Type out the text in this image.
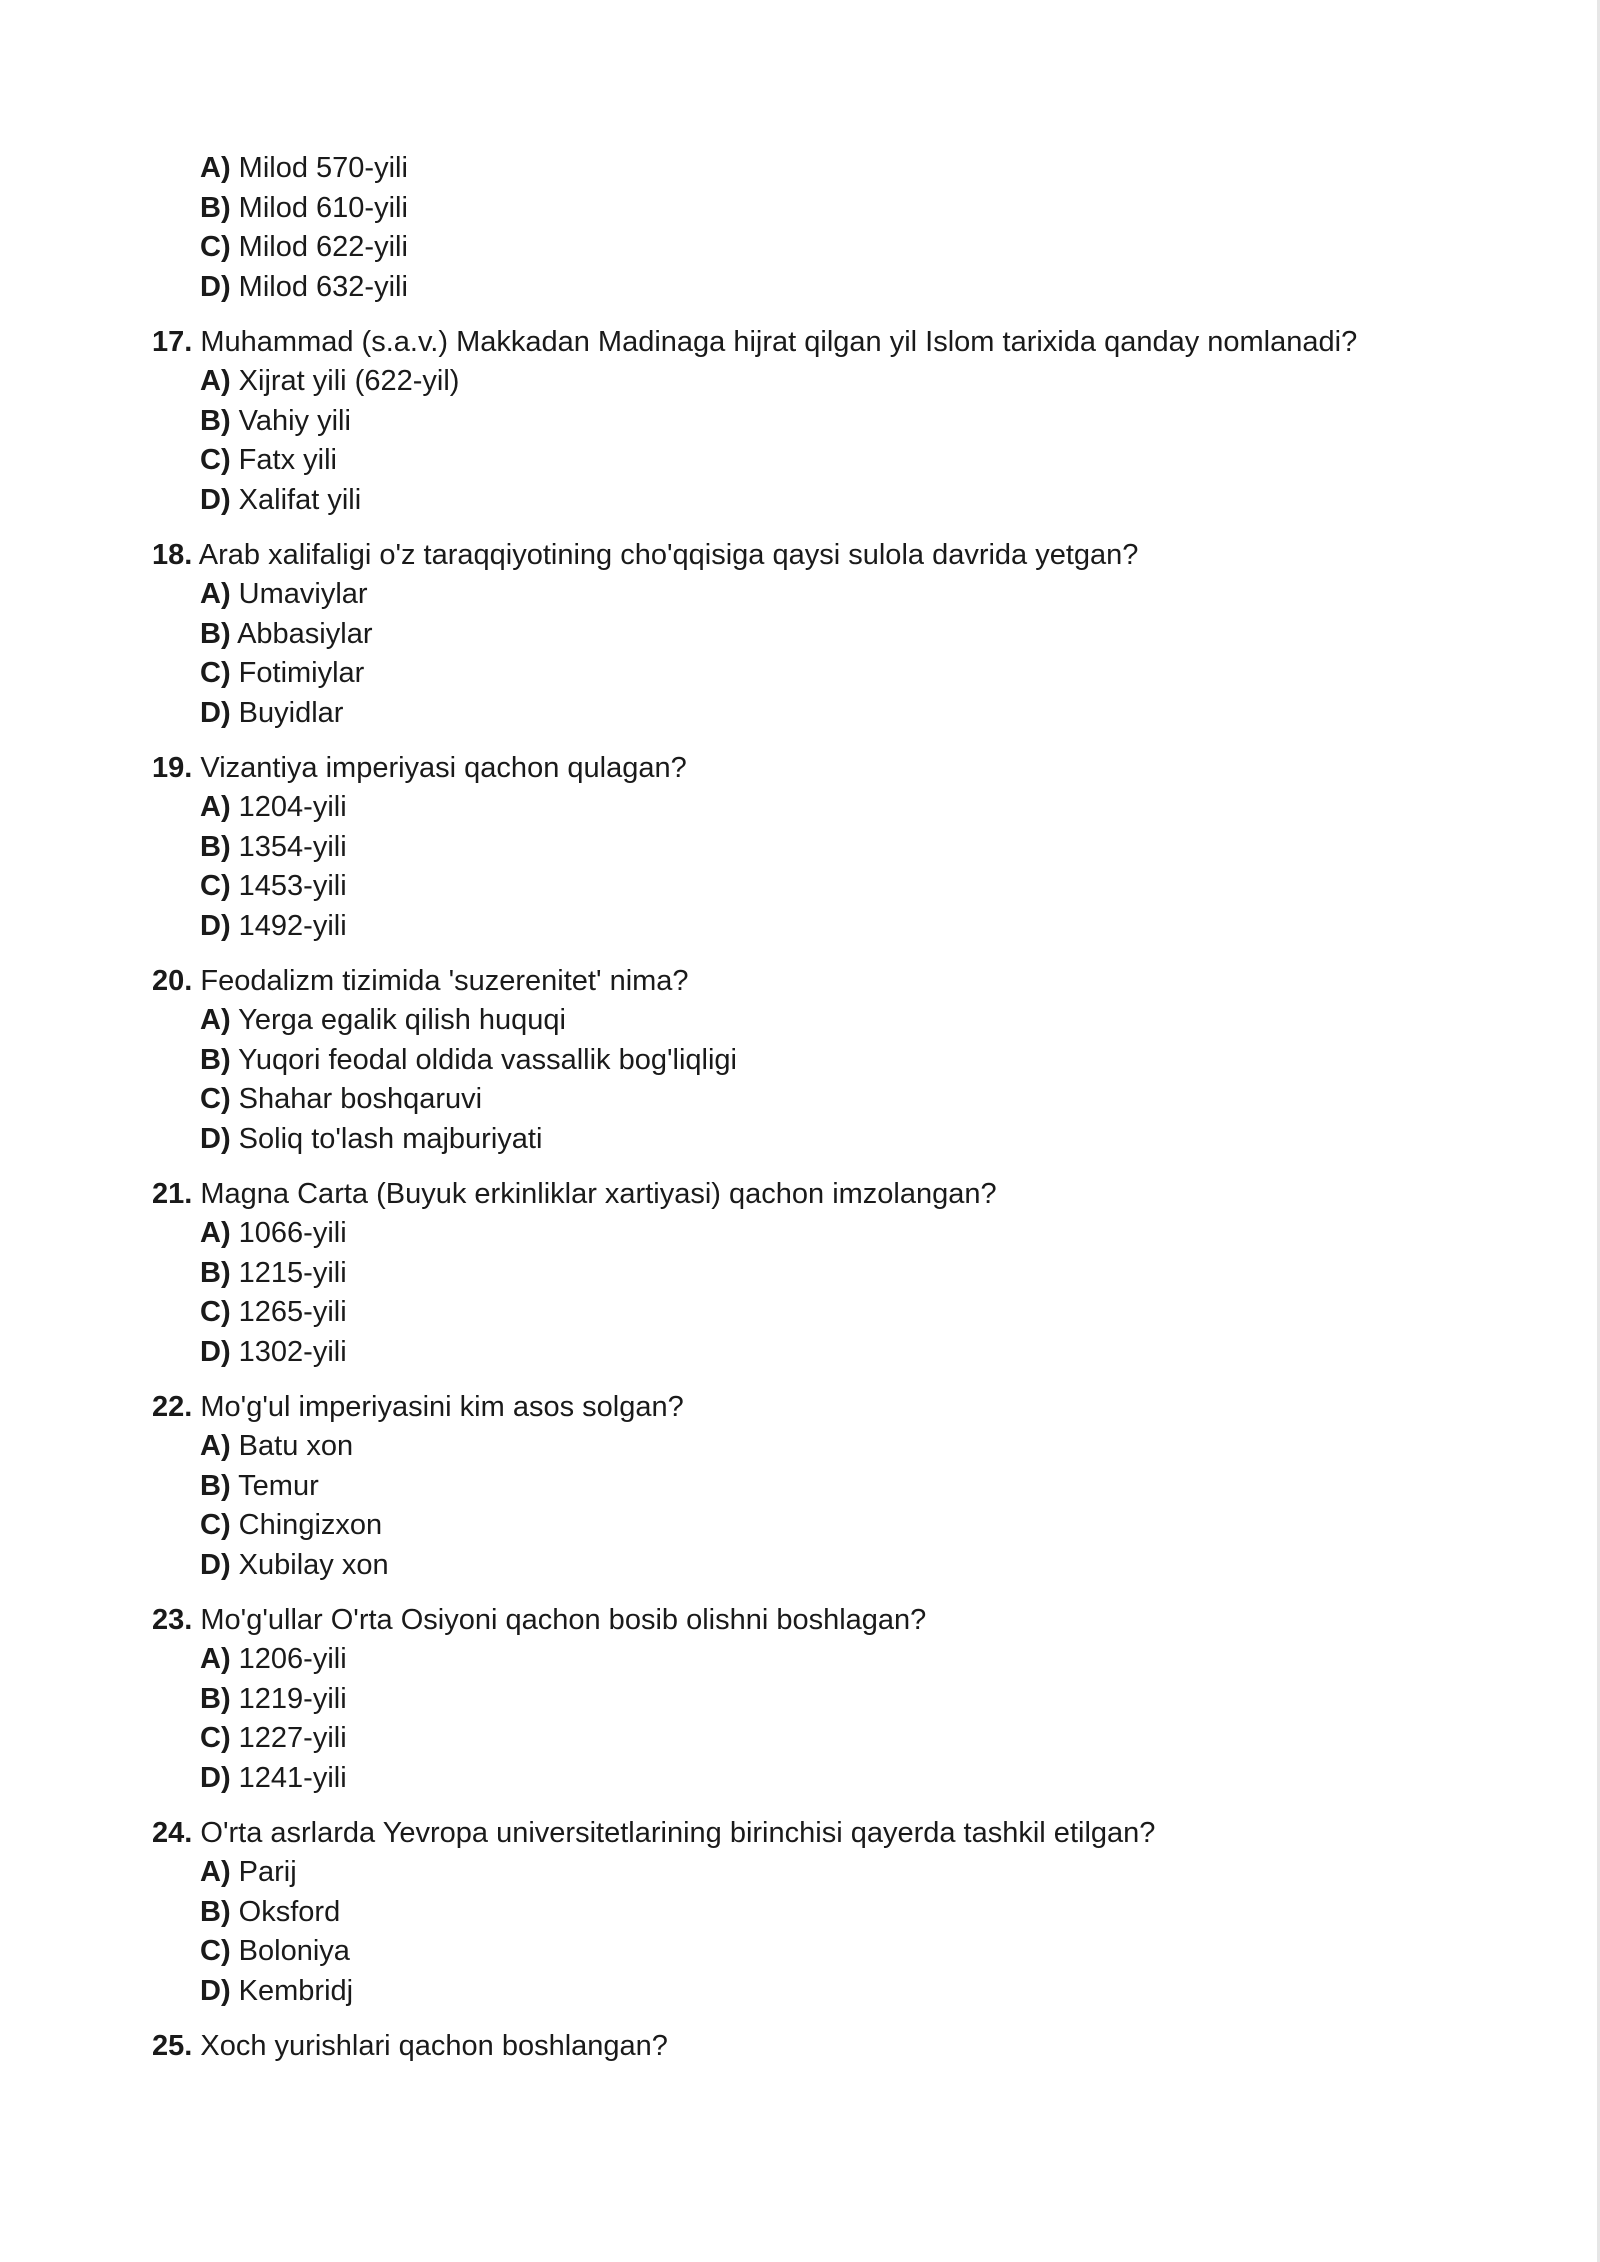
A) Milod 570-yili
B) Milod 610-yili
C) Milod 622-yili
D) Milod 632-yili
17. Muhammad (s.a.v.) Makkadan Madinaga hijrat qilgan yil Islom tarixida qanday nomlanadi?
A) Xijrat yili (622-yil)
B) Vahiy yili
C) Fatx yili
D) Xalifat yili
18. Arab xalifaligi o'z taraqqiyotining cho'qqisiga qaysi sulola davrida yetgan?
A) Umaviylar
B) Abbasiylar
C) Fotimiylar
D) Buyidlar
19. Vizantiya imperiyasi qachon qulagan?
A) 1204-yili
B) 1354-yili
C) 1453-yili
D) 1492-yili
20. Feodalizm tizimida 'suzerenitet' nima?
A) Yerga egalik qilish huquqi
B) Yuqori feodal oldida vassallik bog'liqligi
C) Shahar boshqaruvi
D) Soliq to'lash majburiyati
21. Magna Carta (Buyuk erkinliklar xartiyasi) qachon imzolangan?
A) 1066-yili
B) 1215-yili
C) 1265-yili
D) 1302-yili
22. Mo'g'ul imperiyasini kim asos solgan?
A) Batu xon
B) Temur
C) Chingizxon
D) Xubilay xon
23. Mo'g'ullar O'rta Osiyoni qachon bosib olishni boshlagan?
A) 1206-yili
B) 1219-yili
C) 1227-yili
D) 1241-yili
24. O'rta asrlarda Yevropa universitetlarining birinchisi qayerda tashkil etilgan?
A) Parij
B) Oksford
C) Boloniya
D) Kembridj
25. Xoch yurishlari qachon boshlangan?
